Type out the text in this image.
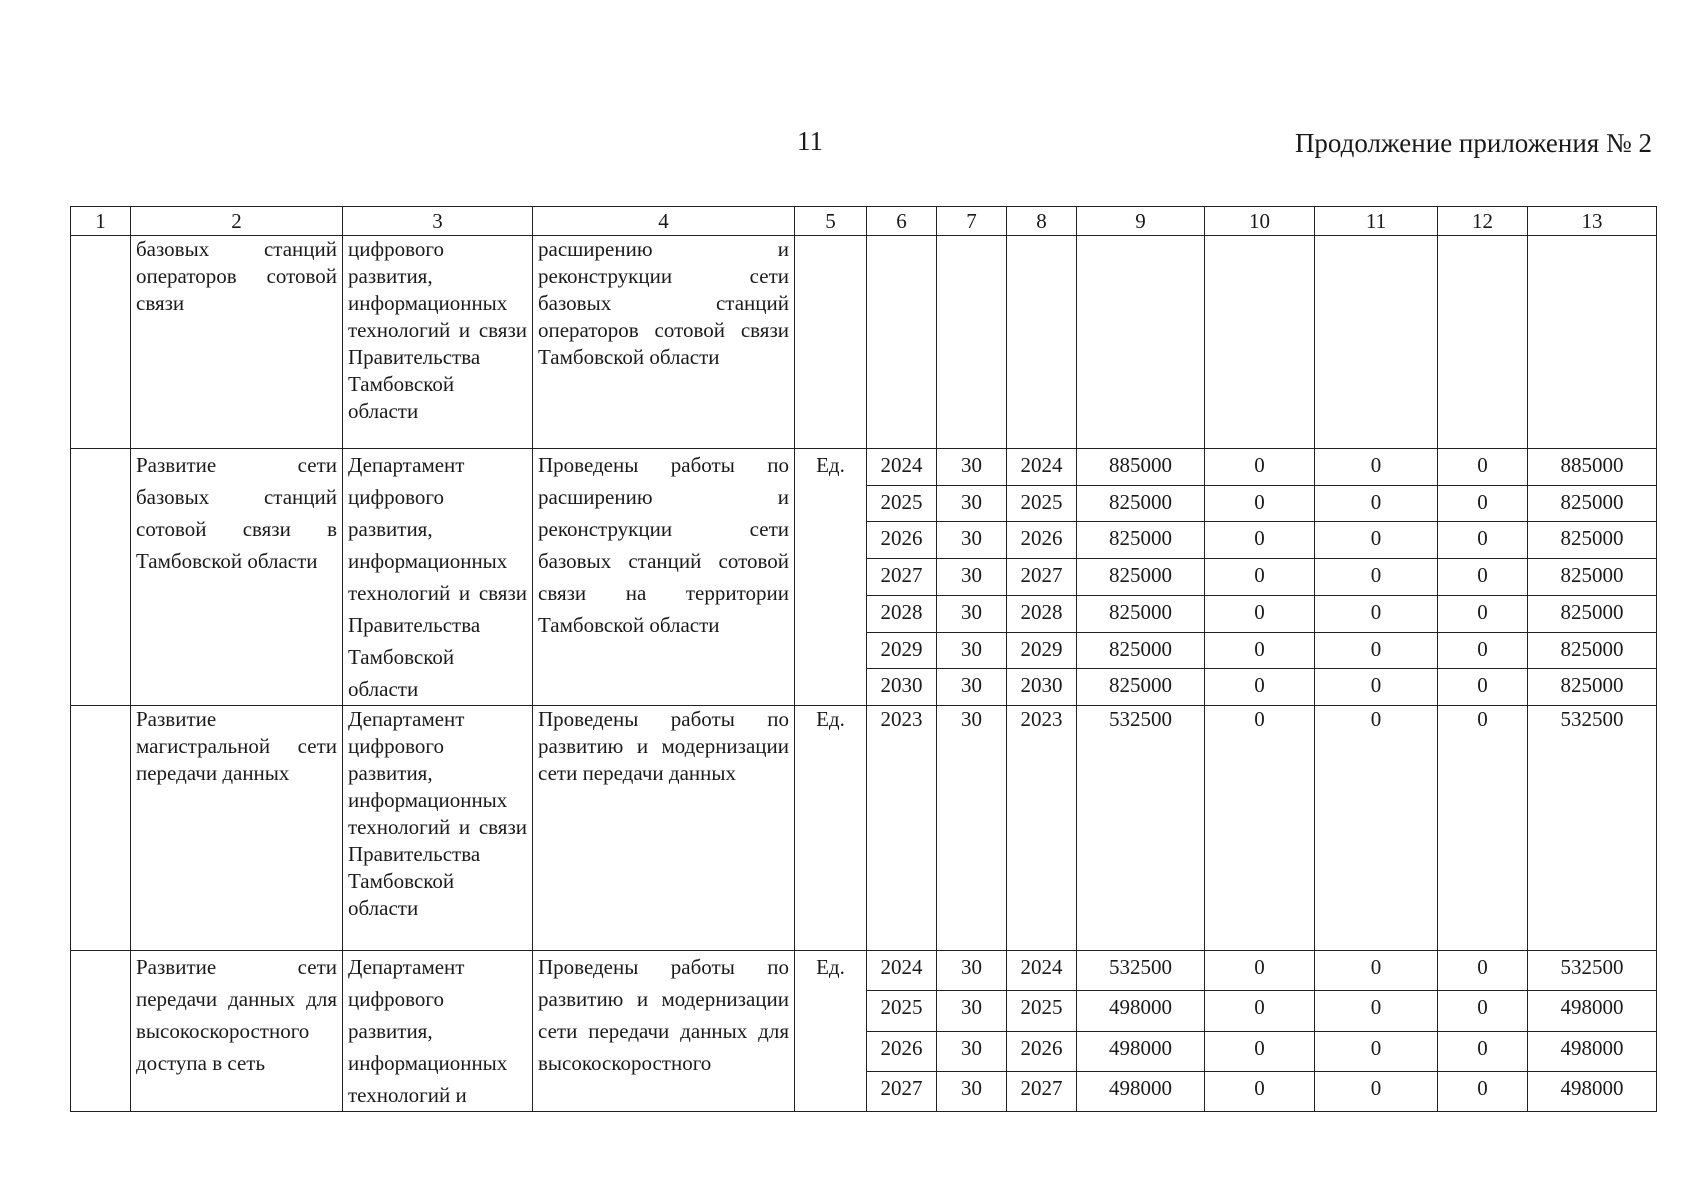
11	Продолжение приложения № 2
1	2	3	4	5	6	7	8	9	10	11	12	13
	базовых станций операторов сотовой связи	цифрового развития, информационных технологий и связи Правительства Тамбовской области	расширению и реконструкции сети базовых станций операторов сотовой связи Тамбовской области									
	Развитие сети базовых станций сотовой связи в Тамбовской области	Департамент цифрового развития, информационных технологий и связи Правительства Тамбовской области	Проведены работы по расширению и реконструкции сети базовых станций сотовой связи на территории Тамбовской области	Ед.	2024	30	2024	885000	0	0	0	885000
					2025	30	2025	825000	0	0	0	825000
					2026	30	2026	825000	0	0	0	825000
					2027	30	2027	825000	0	0	0	825000
					2028	30	2028	825000	0	0	0	825000
					2029	30	2029	825000	0	0	0	825000
					2030	30	2030	825000	0	0	0	825000
	Развитие магистральной сети передачи данных	Департамент цифрового развития, информационных технологий и связи Правительства Тамбовской области	Проведены работы по развитию и модернизации сети передачи данных	Ед.	2023	30	2023	532500	0	0	0	532500
	Развитие сети передачи данных для высокоскоростного доступа в сеть	Департамент цифрового развития, информационных технологий и	Проведены работы по развитию и модернизации сети передачи данных для высокоскоростного	Ед.	2024	30	2024	532500	0	0	0	532500
					2025	30	2025	498000	0	0	0	498000
					2026	30	2026	498000	0	0	0	498000
					2027	30	2027	498000	0	0	0	498000
